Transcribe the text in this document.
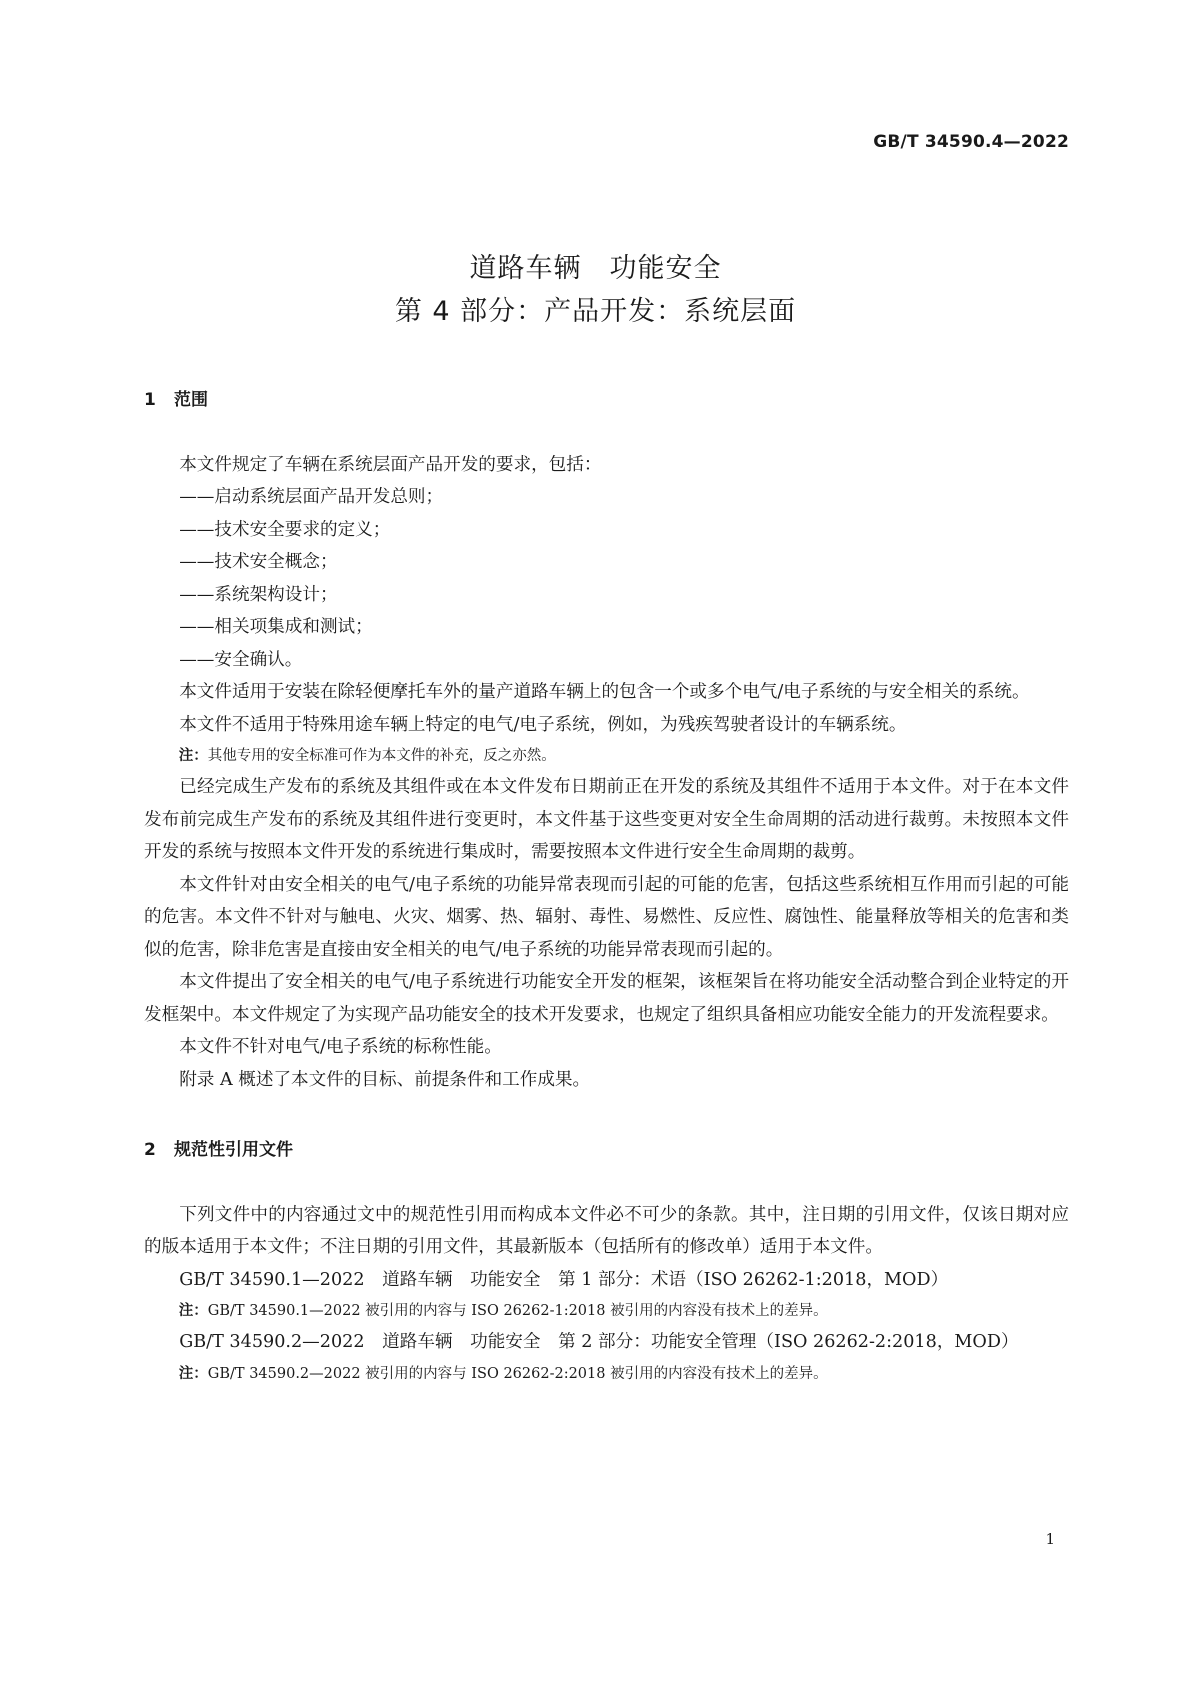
GB/T 34590.4—2022
道路车辆　功能安全
第 4 部分：产品开发：系统层面
1 范围

本文件规定了车辆在系统层面产品开发的要求，包括：

——启动系统层面产品开发总则；

——技术安全要求的定义；

——技术安全概念；

——系统架构设计；

——相关项集成和测试；

——安全确认。

本文件适用于安装在除轻便摩托车外的量产道路车辆上的包含一个或多个电气/电子系统的与安全相关的系统。

本文件不适用于特殊用途车辆上特定的电气/电子系统，例如，为残疾驾驶者设计的车辆系统。

注：其他专用的安全标准可作为本文件的补充，反之亦然。

已经完成生产发布的系统及其组件或在本文件发布日期前正在开发的系统及其组件不适用于本文件。对于在本文件发布前完成生产发布的系统及其组件进行变更时，本文件基于这些变更对安全生命周期的活动进行裁剪。未按照本文件开发的系统与按照本文件开发的系统进行集成时，需要按照本文件进行安全生命周期的裁剪。

本文件针对由安全相关的电气/电子系统的功能异常表现而引起的可能的危害，包括这些系统相互作用而引起的可能的危害。本文件不针对与触电、火灾、烟雾、热、辐射、毒性、易燃性、反应性、腐蚀性、能量释放等相关的危害和类似的危害，除非危害是直接由安全相关的电气/电子系统的功能异常表现而引起的。

本文件提出了安全相关的电气/电子系统进行功能安全开发的框架，该框架旨在将功能安全活动整合到企业特定的开发框架中。本文件规定了为实现产品功能安全的技术开发要求，也规定了组织具备相应功能安全能力的开发流程要求。

本文件不针对电气/电子系统的标称性能。

附录 A 概述了本文件的目标、前提条件和工作成果。

2 规范性引用文件

下列文件中的内容通过文中的规范性引用而构成本文件必不可少的条款。其中，注日期的引用文件，仅该日期对应的版本适用于本文件；不注日期的引用文件，其最新版本（包括所有的修改单）适用于本文件。

GB/T 34590.1—2022　道路车辆　功能安全　第 1 部分：术语（ISO 26262-1:2018，MOD）

注：GB/T 34590.1—2022 被引用的内容与 ISO 26262-1:2018 被引用的内容没有技术上的差异。

GB/T 34590.2—2022　道路车辆　功能安全　第 2 部分：功能安全管理（ISO 26262-2:2018，MOD）

注：GB/T 34590.2—2022 被引用的内容与 ISO 26262-2:2018 被引用的内容没有技术上的差异。

1
